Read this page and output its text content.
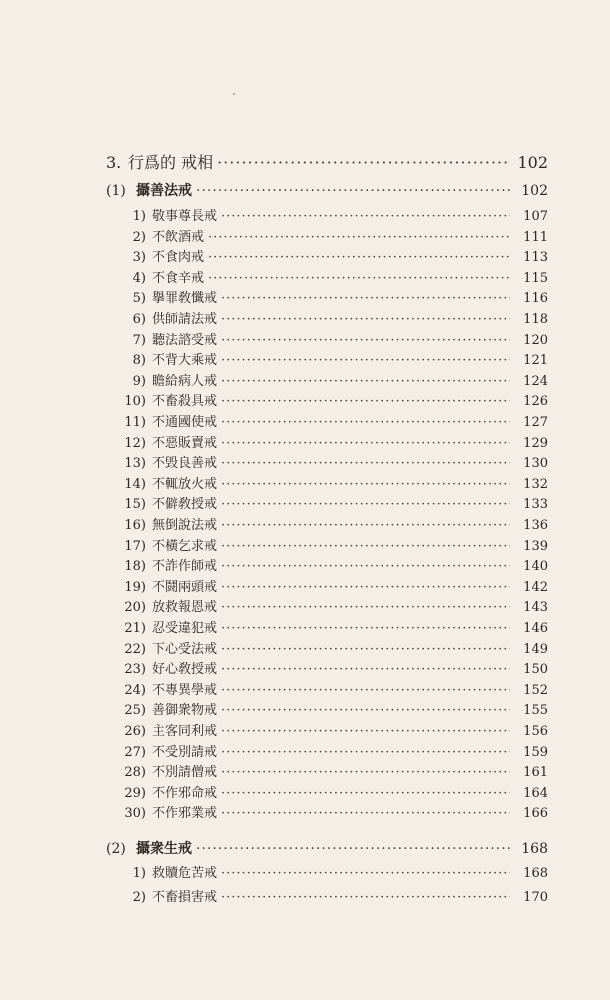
3. 行爲的 戒相 ·····	102
(1) 攝善法戒 ·····	102
1) 敬事尊長戒 ·····	107
2) 不飲酒戒 ·····	111
3) 不食肉戒 ·····	113
4) 不食辛戒 ·····	115
5) 擧罪敎懺戒 ·····	116
6) 供師請法戒 ·····	118
7) 聽法諮受戒 ·····	120
8) 不背大乘戒 ·····	121
9) 瞻給病人戒 ·····	124
10) 不畜殺具戒 ·····	126
11) 不通國使戒 ·····	127
12) 不惡販賣戒 ·····	129
13) 不毁良善戒 ·····	130
14) 不輒放火戒 ·····	132
15) 不僻敎授戒 ·····	133
16) 無倒說法戒 ·····	136
17) 不橫乞求戒 ·····	139
18) 不詐作師戒 ·····	140
19) 不鬪兩頭戒 ·····	142
20) 放救報恩戒 ·····	143
21) 忍受違犯戒 ·····	146
22) 下心受法戒 ·····	149
23) 好心敎授戒 ·····	150
24) 不專異學戒 ·····	152
25) 善御衆物戒 ·····	155
26) 主客同利戒 ·····	156
27) 不受別請戒 ·····	159
28) 不別請僧戒 ·····	161
29) 不作邪命戒 ·····	164
30) 不作邪業戒 ·····	166
(2) 攝衆生戒 ·····	168
1) 救贖危苦戒 ·····	168
2) 不畜損害戒 ·····	170
